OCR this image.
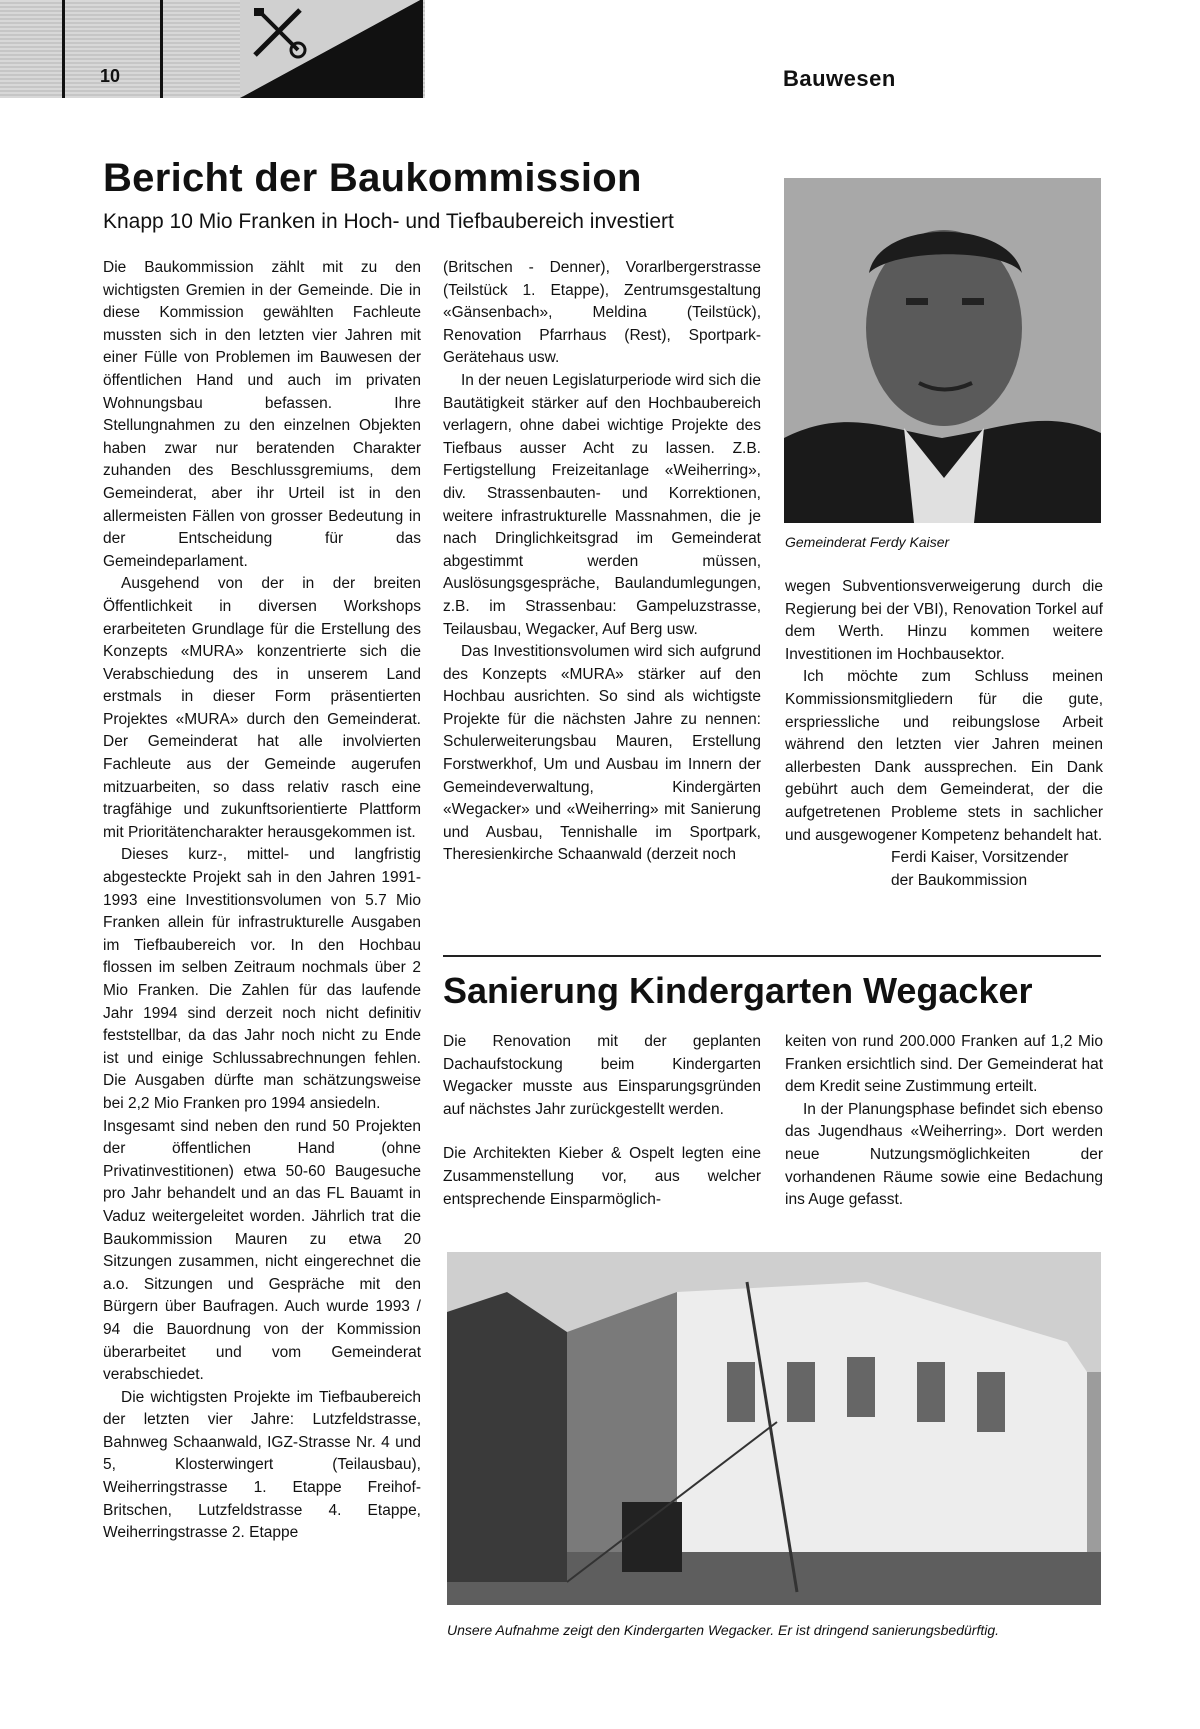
10	Bauwesen
Bericht der Baukommission
Knapp 10 Mio Franken in Hoch- und Tiefbaubereich investiert

Die Baukommission zählt mit zu den wichtigsten Gremien in der Gemeinde. Die in diese Kommission gewählten Fachleute mussten sich in den letzten vier Jahren mit einer Fülle von Problemen im Bauwesen der öffentlichen Hand und auch im privaten Wohnungsbau befassen. Ihre Stellungnahmen zu den einzelnen Objekten haben zwar nur beratenden Charakter zuhanden des Beschlussgremiums, dem Gemeinderat, aber ihr Urteil ist in den allermeisten Fällen von grosser Bedeutung in der Entscheidung für das Gemeindeparlament.

Ausgehend von der in der breiten Öffentlichkeit in diversen Workshops erarbeiteten Grundlage für die Erstellung des Konzepts «MURA» konzentrierte sich die Verabschiedung des in unserem Land erstmals in dieser Form präsentierten Projektes «MURA» durch den Gemeinderat. Der Gemeinderat hat alle involvierten Fachleute aus der Gemeinde augerufen mitzuarbeiten, so dass relativ rasch eine tragfähige und zukunftsorientierte Plattform mit Prioritätencharakter herausgekommen ist.

Dieses kurz-, mittel- und langfristig abgesteckte Projekt sah in den Jahren 1991-1993 eine Investitionsvolumen von 5.7 Mio Franken allein für infrastrukturelle Ausgaben im Tiefbaubereich vor. In den Hochbau flossen im selben Zeitraum nochmals über 2 Mio Franken. Die Zahlen für das laufende Jahr 1994 sind derzeit noch nicht definitiv feststellbar, da das Jahr noch nicht zu Ende ist und einige Schlussabrechnungen fehlen. Die Ausgaben dürfte man schätzungsweise bei 2,2 Mio Franken pro 1994 ansiedeln.

Insgesamt sind neben den rund 50 Projekten der öffentlichen Hand (ohne Privatinvestitionen) etwa 50-60 Baugesuche pro Jahr behandelt und an das FL Bauamt in Vaduz weitergeleitet worden. Jährlich trat die Baukommission Mauren zu etwa 20 Sitzungen zusammen, nicht eingerechnet die a.o. Sitzungen und Gespräche mit den Bürgern über Baufragen. Auch wurde 1993 / 94 die Bauordnung von der Kommission überarbeitet und vom Gemeinderat verabschiedet.

Die wichtigsten Projekte im Tiefbaubereich der letzten vier Jahre: Lutzfeldstrasse, Bahnweg Schaanwald, IGZ-Strasse Nr. 4 und 5, Klosterwingert (Teilausbau), Weiherringstrasse 1. Etappe Freihof-Britschen, Lutzfeldstrasse 4. Etappe, Weiherringstrasse 2. Etappe

(Britschen - Denner), Vorarlbergerstrasse (Teilstück 1. Etappe), Zentrumsgestaltung «Gänsenbach», Meldina (Teilstück), Renovation Pfarrhaus (Rest), Sportpark-Gerätehaus usw.

In der neuen Legislaturperiode wird sich die Bautätigkeit stärker auf den Hochbaubereich verlagern, ohne dabei wichtige Projekte des Tiefbaus ausser Acht zu lassen. Z.B. Fertigstellung Freizeitanlage «Weiherring», div. Strassenbauten- und Korrektionen, weitere infrastrukturelle Massnahmen, die je nach Dringlichkeitsgrad im Gemeinderat abgestimmt werden müssen, Auslösungsgespräche, Baulandumlegungen, z.B. im Strassenbau: Gampeluzstrasse, Teilausbau, Wegacker, Auf Berg usw.

Das Investitionsvolumen wird sich aufgrund des Konzepts «MURA» stärker auf den Hochbau ausrichten. So sind als wichtigste Projekte für die nächsten Jahre zu nennen: Schulerweiterungsbau Mauren, Erstellung Forstwerkhof, Um und Ausbau im Innern der Gemeindeverwaltung, Kindergärten «Wegacker» und «Weiherring» mit Sanierung und Ausbau, Tennishalle im Sportpark, Theresienkirche Schaanwald (derzeit noch

Gemeinderat Ferdy Kaiser

wegen Subventionsverweigerung durch die Regierung bei der VBI), Renovation Torkel auf dem Werth. Hinzu kommen weitere Investitionen im Hochbausektor.

Ich möchte zum Schluss meinen Kommissionsmitgliedern für die gute, erspriessliche und reibungslose Arbeit während den letzten vier Jahren meinen allerbesten Dank aussprechen. Ein Dank gebührt auch dem Gemeinderat, der die aufgetretenen Probleme stets in sachlicher und ausgewogener Kompetenz behandelt hat.

Ferdi Kaiser, Vorsitzender

der Baukommission

Sanierung Kindergarten Wegacker

Die Renovation mit der geplanten Dachaufstockung beim Kindergarten Wegacker musste aus Einsparungsgründen auf nächstes Jahr zurückgestellt werden.

Die Architekten Kieber & Ospelt legten eine Zusammenstellung vor, aus welcher entsprechende Einsparmöglich-

keiten von rund 200.000 Franken auf 1,2 Mio Franken ersichtlich sind. Der Gemeinderat hat dem Kredit seine Zustimmung erteilt.

In der Planungsphase befindet sich ebenso das Jugendhaus «Weiherring». Dort werden neue Nutzungsmöglichkeiten der vorhandenen Räume sowie eine Bedachung ins Auge gefasst.

Unsere Aufnahme zeigt den Kindergarten Wegacker. Er ist dringend sanierungsbedürftig.
